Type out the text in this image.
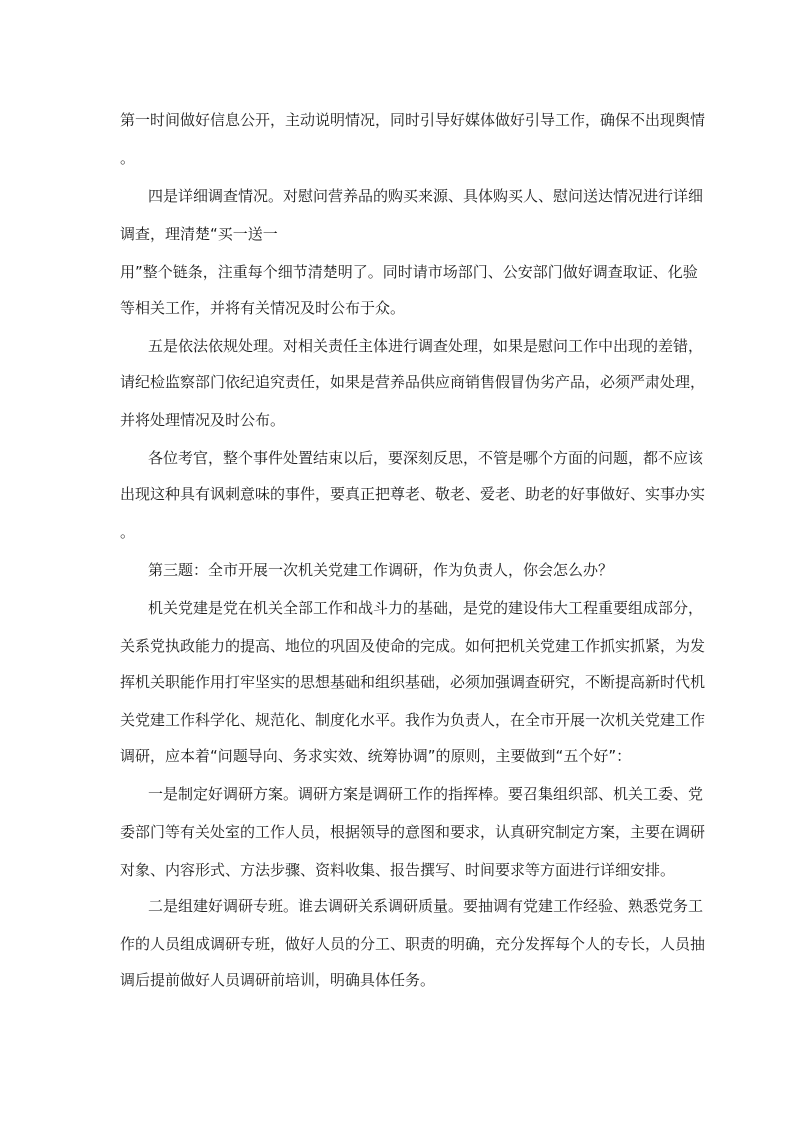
第一时间做好信息公开，主动说明情况，同时引导好媒体做好引导工作，确保不出现舆情
。
四是详细调查情况。对慰问营养品的购买来源、具体购买人、慰问送达情况进行详细
调查，理清楚“买一送一
用”整个链条，注重每个细节清楚明了。同时请市场部门、公安部门做好调查取证、化验
等相关工作，并将有关情况及时公布于众。
五是依法依规处理。对相关责任主体进行调查处理，如果是慰问工作中出现的差错，
请纪检监察部门依纪追究责任，如果是营养品供应商销售假冒伪劣产品，必须严肃处理，
并将处理情况及时公布。
各位考官，整个事件处置结束以后，要深刻反思，不管是哪个方面的问题，都不应该
出现这种具有讽刺意味的事件，要真正把尊老、敬老、爱老、助老的好事做好、实事办实
。
第三题：全市开展一次机关党建工作调研，作为负责人，你会怎么办？
机关党建是党在机关全部工作和战斗力的基础，是党的建设伟大工程重要组成部分，
关系党执政能力的提高、地位的巩固及使命的完成。如何把机关党建工作抓实抓紧，为发
挥机关职能作用打牢坚实的思想基础和组织基础，必须加强调查研究，不断提高新时代机
关党建工作科学化、规范化、制度化水平。我作为负责人，在全市开展一次机关党建工作
调研，应本着“问题导向、务求实效、统筹协调”的原则，主要做到“五个好”：
一是制定好调研方案。调研方案是调研工作的指挥棒。要召集组织部、机关工委、党
委部门等有关处室的工作人员，根据领导的意图和要求，认真研究制定方案，主要在调研
对象、内容形式、方法步骤、资料收集、报告撰写、时间要求等方面进行详细安排。
二是组建好调研专班。谁去调研关系调研质量。要抽调有党建工作经验、熟悉党务工
作的人员组成调研专班，做好人员的分工、职责的明确，充分发挥每个人的专长，人员抽
调后提前做好人员调研前培训，明确具体任务。
